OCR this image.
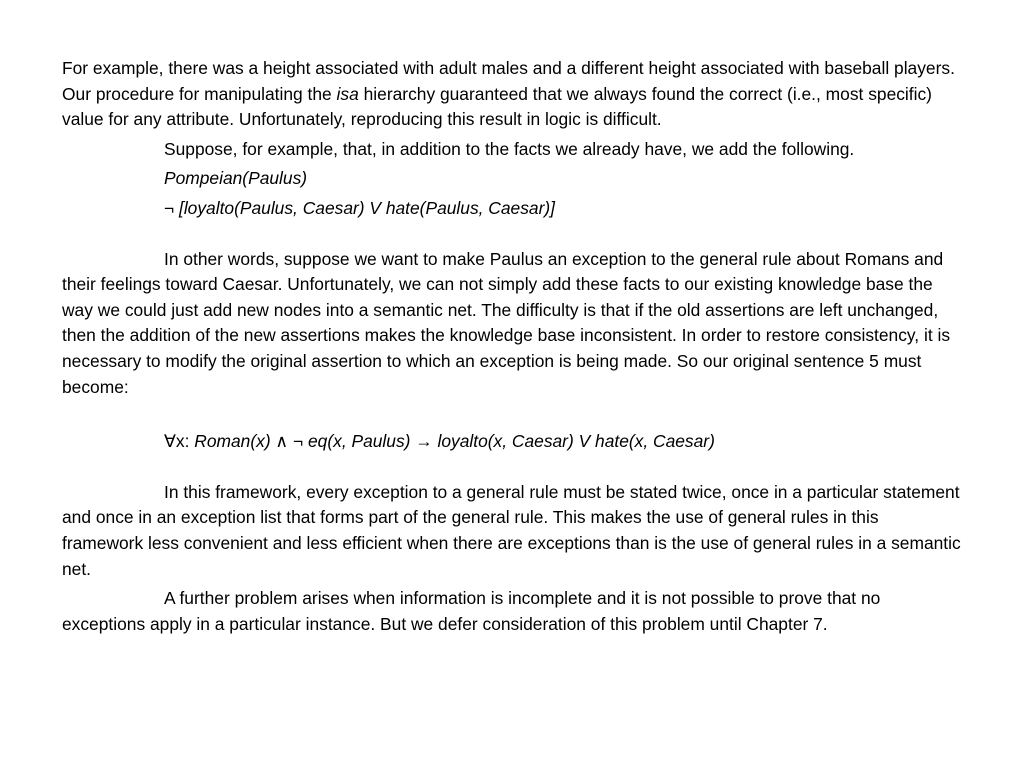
For example, there was a height associated with adult males and a different height associated with baseball players. Our procedure for manipulating the isa hierarchy guaranteed that we always found the correct (i.e., most specific) value for any attribute. Unfortunately, reproducing this result in logic is difficult.

Suppose, for example, that, in addition to the facts we already have, we add the following.

Pompeian(Paulus)

¬ [loyalto(Paulus, Caesar) V hate(Paulus, Caesar)]

In other words, suppose we want to make Paulus an exception to the general rule about Romans and their feelings toward Caesar. Unfortunately, we can not simply add these facts to our existing knowledge base the way we could just add new nodes into a semantic net. The difficulty is that if the old assertions are left unchanged, then the addition of the new assertions makes the knowledge base inconsistent. In order to restore consistency, it is necessary to modify the original assertion to which an exception is being made. So our original sentence 5 must become:

∀x: Roman(x) ∧ ¬ eq(x, Paulus) → loyalto(x, Caesar) V hate(x, Caesar)

In this framework, every exception to a general rule must be stated twice, once in a particular statement and once in an exception list that forms part of the general rule. This makes the use of general rules in this framework less convenient and less efficient when there are exceptions than is the use of general rules in a semantic net.

A further problem arises when information is incomplete and it is not possible to prove that no exceptions apply in a particular instance. But we defer consideration of this problem until Chapter 7.
